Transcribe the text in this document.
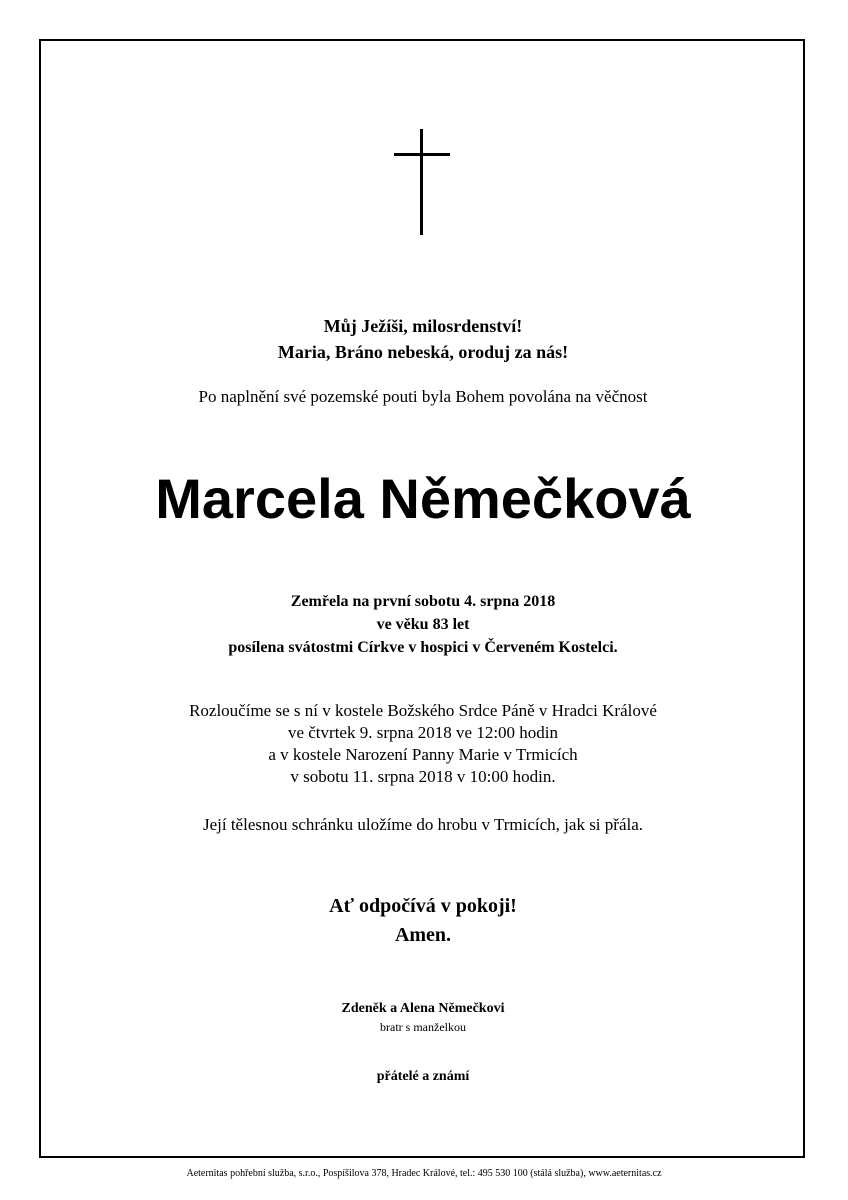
Můj Ježíši, milosrdenství!
Maria, Bráno nebeská, oroduj za nás!
Po naplnění své pozemské pouti byla Bohem povolána na věčnost
Marcela Němečková
Zemřela na první sobotu 4. srpna 2018
ve věku 83 let
posílena svátostmi Církve v hospici v Červeném Kostelci.
Rozloučíme se s ní v kostele Božského Srdce Páně v Hradci Králové
ve čtvrtek 9. srpna 2018 ve 12:00 hodin
a v kostele Narození Panny Marie v Trmicích
v sobotu 11. srpna 2018 v 10:00 hodin.
Její tělesnou schránku uložíme do hrobu v Trmicích, jak si přála.
Ať odpočívá v pokoji!
Amen.
Zdeněk a Alena Němečkovi
bratr s manželkou
přátelé a známí
Aeternitas pohřební služba, s.r.o., Pospíšilova 378, Hradec Králové, tel.: 495 530 100 (stálá služba), www.aeternitas.cz
